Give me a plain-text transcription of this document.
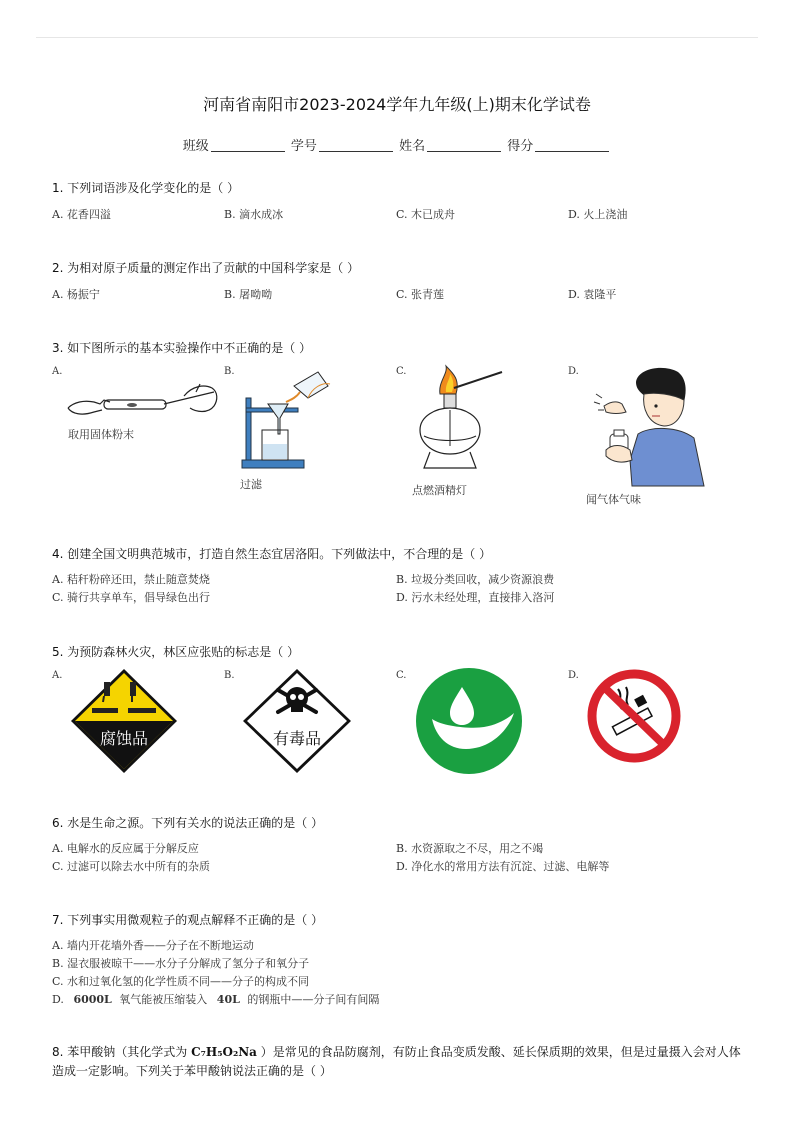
河南省南阳市2023-2024学年九年级(上)期末化学试卷
班级	学号	姓名	得分
1. 下列词语涉及化学变化的是（ ）
A. 花香四溢	B. 滴水成冰	C. 木已成舟	D. 火上浇油
2. 为相对原子质量的测定作出了贡献的中国科学家是（ ）
A. 杨振宁	B. 屠呦呦	C. 张青莲	D. 袁隆平
3. 如下图所示的基本实验操作中不正确的是（ ）
A.	B.	C.	D.
取用固体粉末
过滤	点燃酒精灯
闻气体气味
4. 创建全国文明典范城市，打造自然生态宜居洛阳。下列做法中，不合理的是（ ）
A. 秸秆粉碎还田，禁止随意焚烧	B. 垃圾分类回收，减少资源浪费
C. 骑行共享单车，倡导绿色出行	D. 污水未经处理，直接排入洛河
5. 为预防森林火灾，林区应张贴的标志是（ ）
A.	B.	C.	D.
腐蚀品	有毒品
6. 水是生命之源。下列有关水的说法正确的是（ ）
A. 电解水的反应属于分解反应	B. 水资源取之不尽，用之不竭
C. 过滤可以除去水中所有的杂质	D. 净化水的常用方法有沉淀、过滤、电解等
7. 下列事实用微观粒子的观点解释不正确的是（ ）
A. 墙内开花墙外香——分子在不断地运动
B. 湿衣服被晾干——水分子分解成了氢分子和氧分子
C. 水和过氧化氢的化学性质不同——分子的构成不同
D. 6000L 氧气能被压缩装入 40L 的钢瓶中——分子间有间隔
8. 苯甲酸钠（其化学式为 C₇H₅O₂Na ）是常见的食品防腐剂，有防止食品变质发酸、延长保质期的效果，但是过量摄入会对人体造成一定影响。下列关于苯甲酸钠说法正确的是（ ）
